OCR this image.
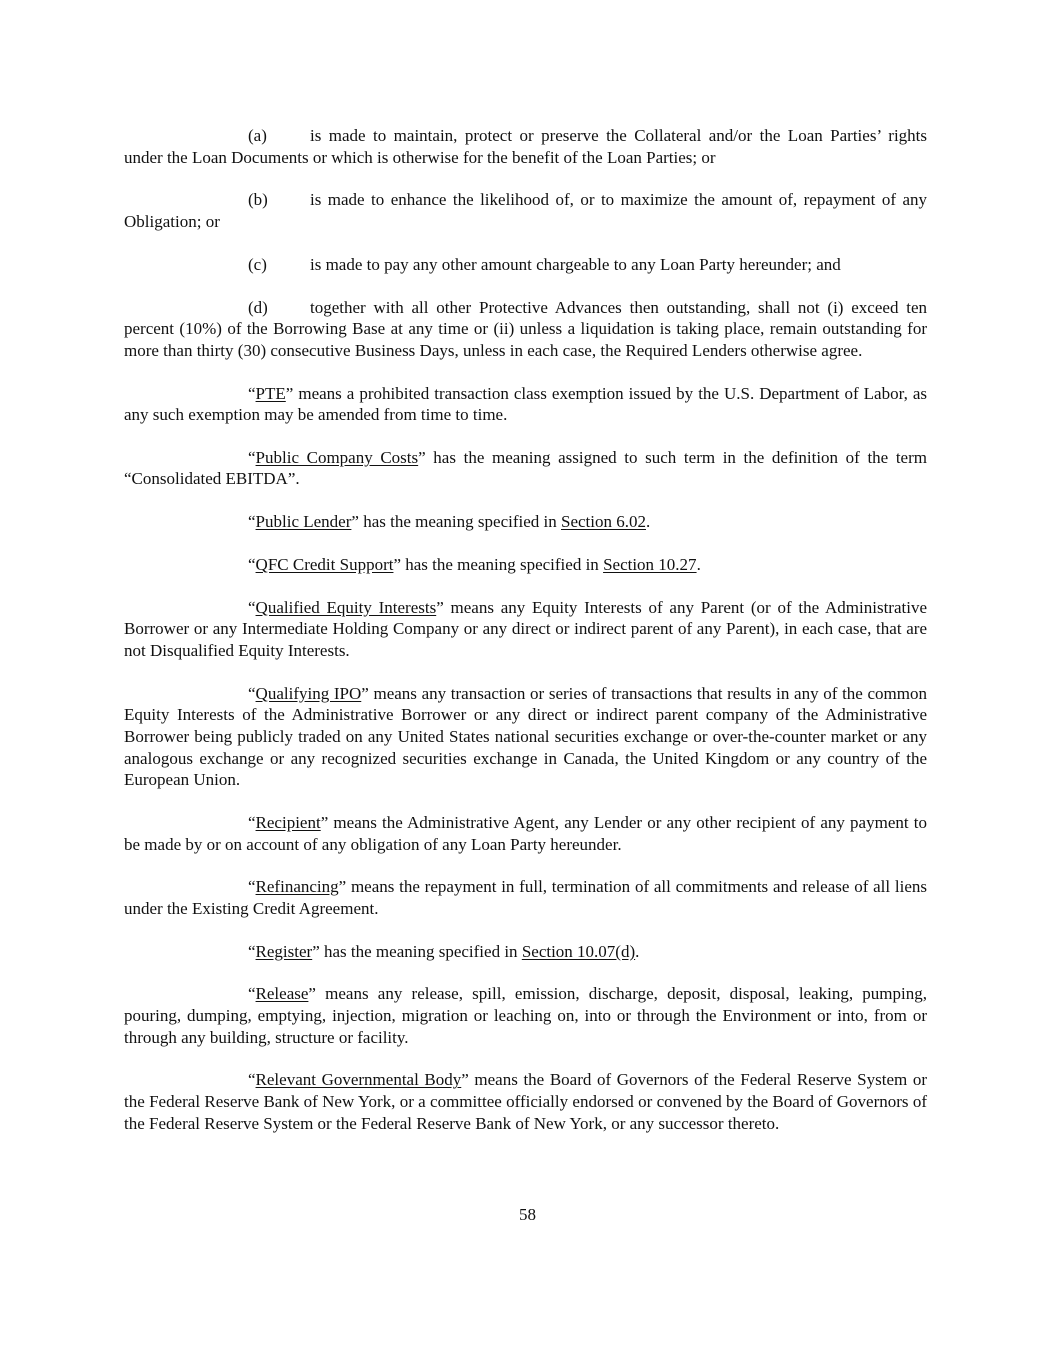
(a)	is made to maintain, protect or preserve the Collateral and/or the Loan Parties’ rights under the Loan Documents or which is otherwise for the benefit of the Loan Parties; or

(b) is made to enhance the likelihood of, or to maximize the amount of, repayment of any Obligation; or

(c)	is made to pay any other amount chargeable to any Loan Party hereunder; and

(d) together with all other Protective Advances then outstanding, shall not (i) exceed ten percent (10%) of the Borrowing Base at any time or (ii) unless a liquidation is taking place, remain outstanding for more than thirty (30) consecutive Business Days, unless in each case, the Required Lenders otherwise agree.

“PTE” means a prohibited transaction class exemption issued by the U.S. Department of Labor, as any such exemption may be amended from time to time.

“Public Company Costs” has the meaning assigned to such term in the definition of the term “Consolidated EBITDA”.

“Public Lender” has the meaning specified in Section 6.02.

“QFC Credit Support” has the meaning specified in Section 10.27.

“Qualified Equity Interests” means any Equity Interests of any Parent (or of the Administrative Borrower or any Intermediate Holding Company or any direct or indirect parent of any Parent), in each case, that are not Disqualified Equity Interests.

“Qualifying IPO” means any transaction or series of transactions that results in any of the common Equity Interests of the Administrative Borrower or any direct or indirect parent company of the Administrative Borrower being publicly traded on any United States national securities exchange or over-the-counter market or any analogous exchange or any recognized securities exchange in Canada, the United Kingdom or any country of the European Union.

“Recipient” means the Administrative Agent, any Lender or any other recipient of any payment to be made by or on account of any obligation of any Loan Party hereunder.

“Refinancing” means the repayment in full, termination of all commitments and release of all liens under the Existing Credit Agreement.

“Register” has the meaning specified in Section 10.07(d).

“Release” means any release, spill, emission, discharge, deposit, disposal, leaking, pumping, pouring, dumping, emptying, injection, migration or leaching on, into or through the Environment or into, from or through any building, structure or facility.

“Relevant Governmental Body” means the Board of Governors of the Federal Reserve System or the Federal Reserve Bank of New York, or a committee officially endorsed or convened by the Board of Governors of the Federal Reserve System or the Federal Reserve Bank of New York, or any successor thereto.

58
